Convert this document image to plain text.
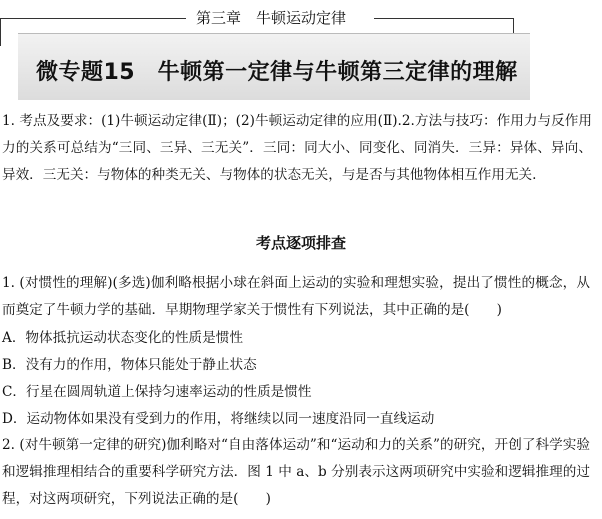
第三章　牛顿运动定律
微专题15　牛顿第一定律与牛顿第三定律的理解

1. 考点及要求：(1)牛顿运动定律(Ⅱ)；(2)牛顿运动定律的应用(Ⅱ).2.方法与技巧：作用力与反作用力的关系可总结为“三同、三异、三无关”．三同：同大小、同变化、同消失．三异：异体、异向、异效．三无关：与物体的种类无关、与物体的状态无关，与是否与其他物体相互作用无关.

考点逐项排查

1. (对惯性的理解)(多选)伽利略根据小球在斜面上运动的实验和理想实验，提出了惯性的概念，从而奠定了牛顿力学的基础．早期物理学家关于惯性有下列说法，其中正确的是(　　)

A．物体抵抗运动状态变化的性质是惯性
B．没有力的作用，物体只能处于静止状态
C．行星在圆周轨道上保持匀速率运动的性质是惯性
D．运动物体如果没有受到力的作用，将继续以同一速度沿同一直线运动

2. (对牛顿第一定律的研究)伽利略对“自由落体运动”和“运动和力的关系”的研究，开创了科学实验和逻辑推理相结合的重要科学研究方法．图 1 中 a、b 分别表示这两项研究中实验和逻辑推理的过程，对这两项研究，下列说法正确的是(　　)
